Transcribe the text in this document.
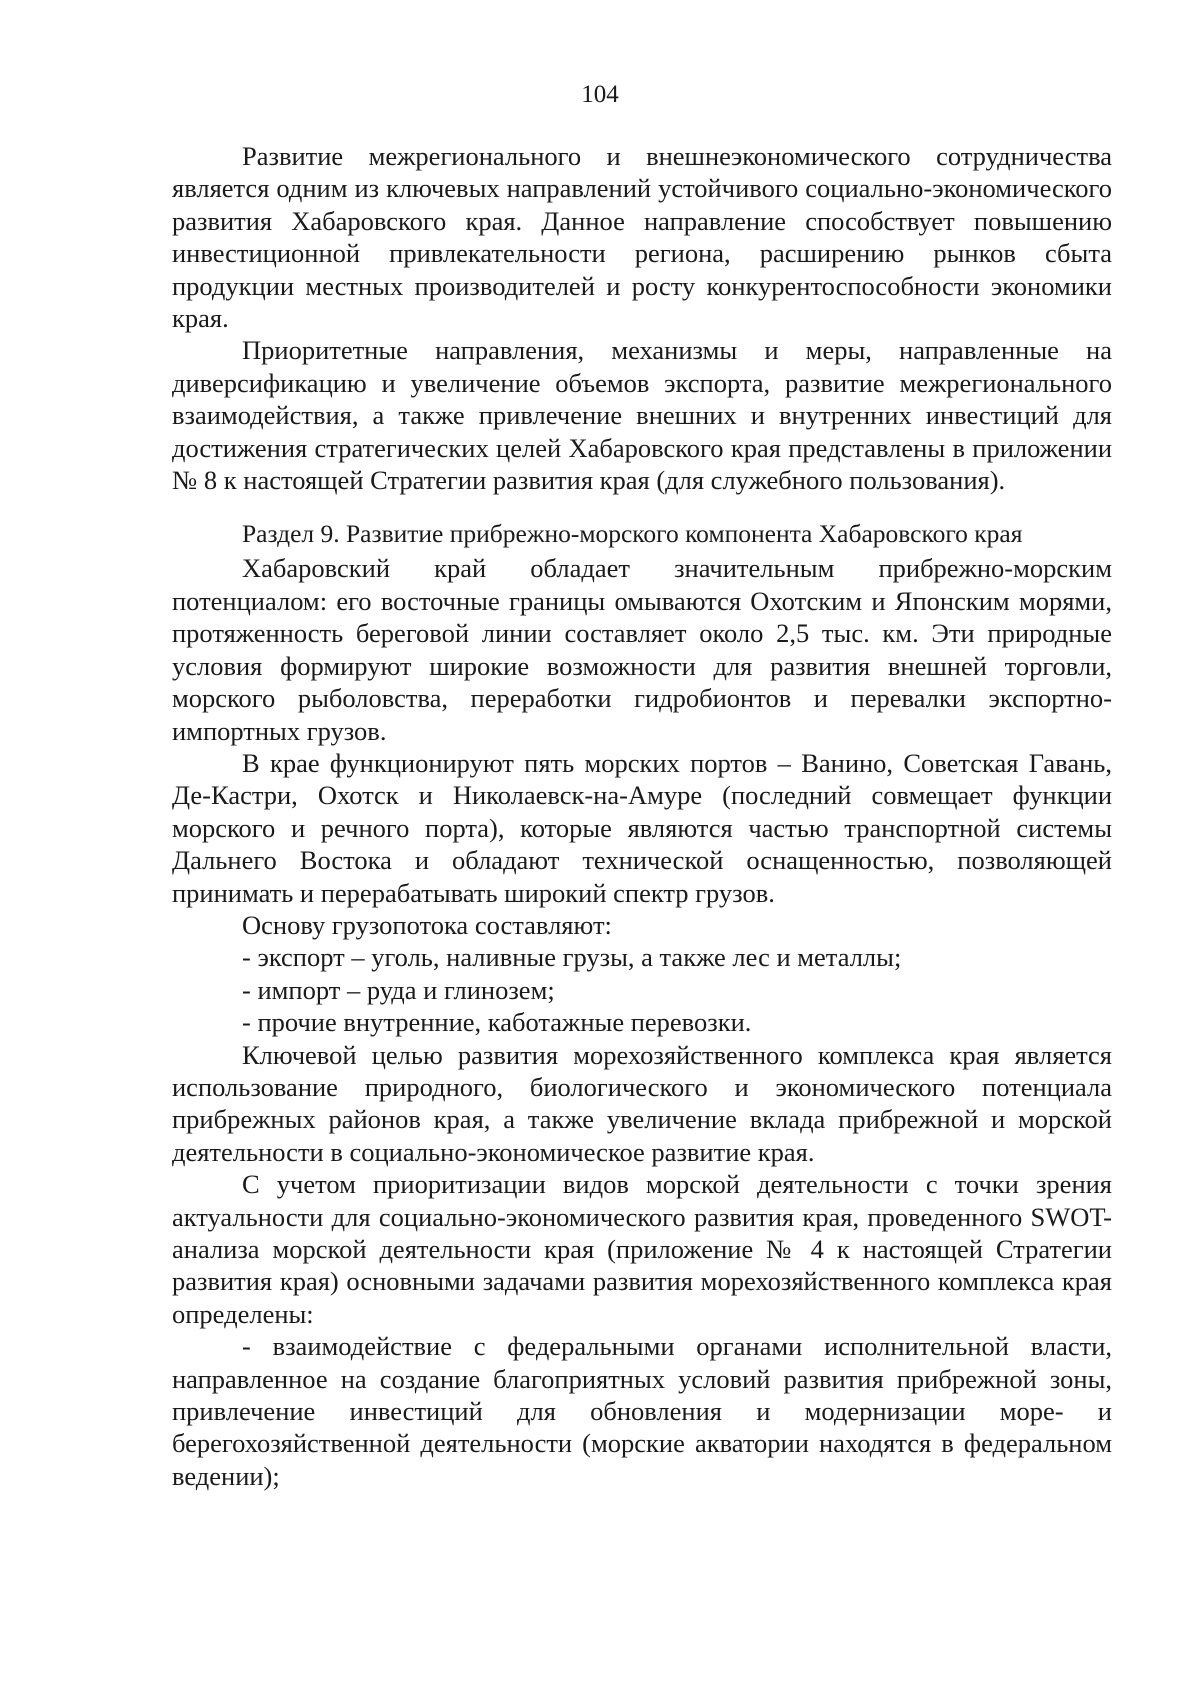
104

Развитие межрегионального и внешнеэкономического сотрудничества является одним из ключевых направлений устойчивого социально-экономического развития Хабаровского края. Данное направление способствует повышению инвестиционной привлекательности региона, расширению рынков сбыта продукции местных производителей и росту конкурентоспособности экономики края.

Приоритетные направления, механизмы и меры, направленные на диверсификацию и увеличение объемов экспорта, развитие межрегионального взаимодействия, а также привлечение внешних и внутренних инвестиций для достижения стратегических целей Хабаровского края представлены в приложении № 8 к настоящей Стратегии развития края (для служебного пользования).

Раздел 9. Развитие прибрежно-морского компонента Хабаровского края

Хабаровский край обладает значительным прибрежно-морским потенциалом: его восточные границы омываются Охотским и Японским морями, протяженность береговой линии составляет около 2,5 тыс. км. Эти природные условия формируют широкие возможности для развития внешней торговли, морского рыболовства, переработки гидробионтов и перевалки экспортно-импортных грузов.

В крае функционируют пять морских портов – Ванино, Советская Гавань, Де-Кастри, Охотск и Николаевск-на-Амуре (последний совмещает функции морского и речного порта), которые являются частью транспортной системы Дальнего Востока и обладают технической оснащенностью, позволяющей принимать и перерабатывать широкий спектр грузов.

Основу грузопотока составляют:

- экспорт – уголь, наливные грузы, а также лес и металлы;

- импорт – руда и глинозем;

- прочие внутренние, каботажные перевозки.

Ключевой целью развития морехозяйственного комплекса края является использование природного, биологического и экономического потенциала прибрежных районов края, а также увеличение вклада прибрежной и морской деятельности в социально-экономическое развитие края.

С учетом приоритизации видов морской деятельности с точки зрения актуальности для социально-экономического развития края, проведенного SWOT-анализа морской деятельности края (приложение № 4 к настоящей Стратегии развития края) основными задачами развития морехозяйственного комплекса края определены:

- взаимодействие с федеральными органами исполнительной власти, направленное на создание благоприятных условий развития прибрежной зоны, привлечение инвестиций для обновления и модернизации море- и берегохозяйственной деятельности (морские акватории находятся в федеральном ведении);
